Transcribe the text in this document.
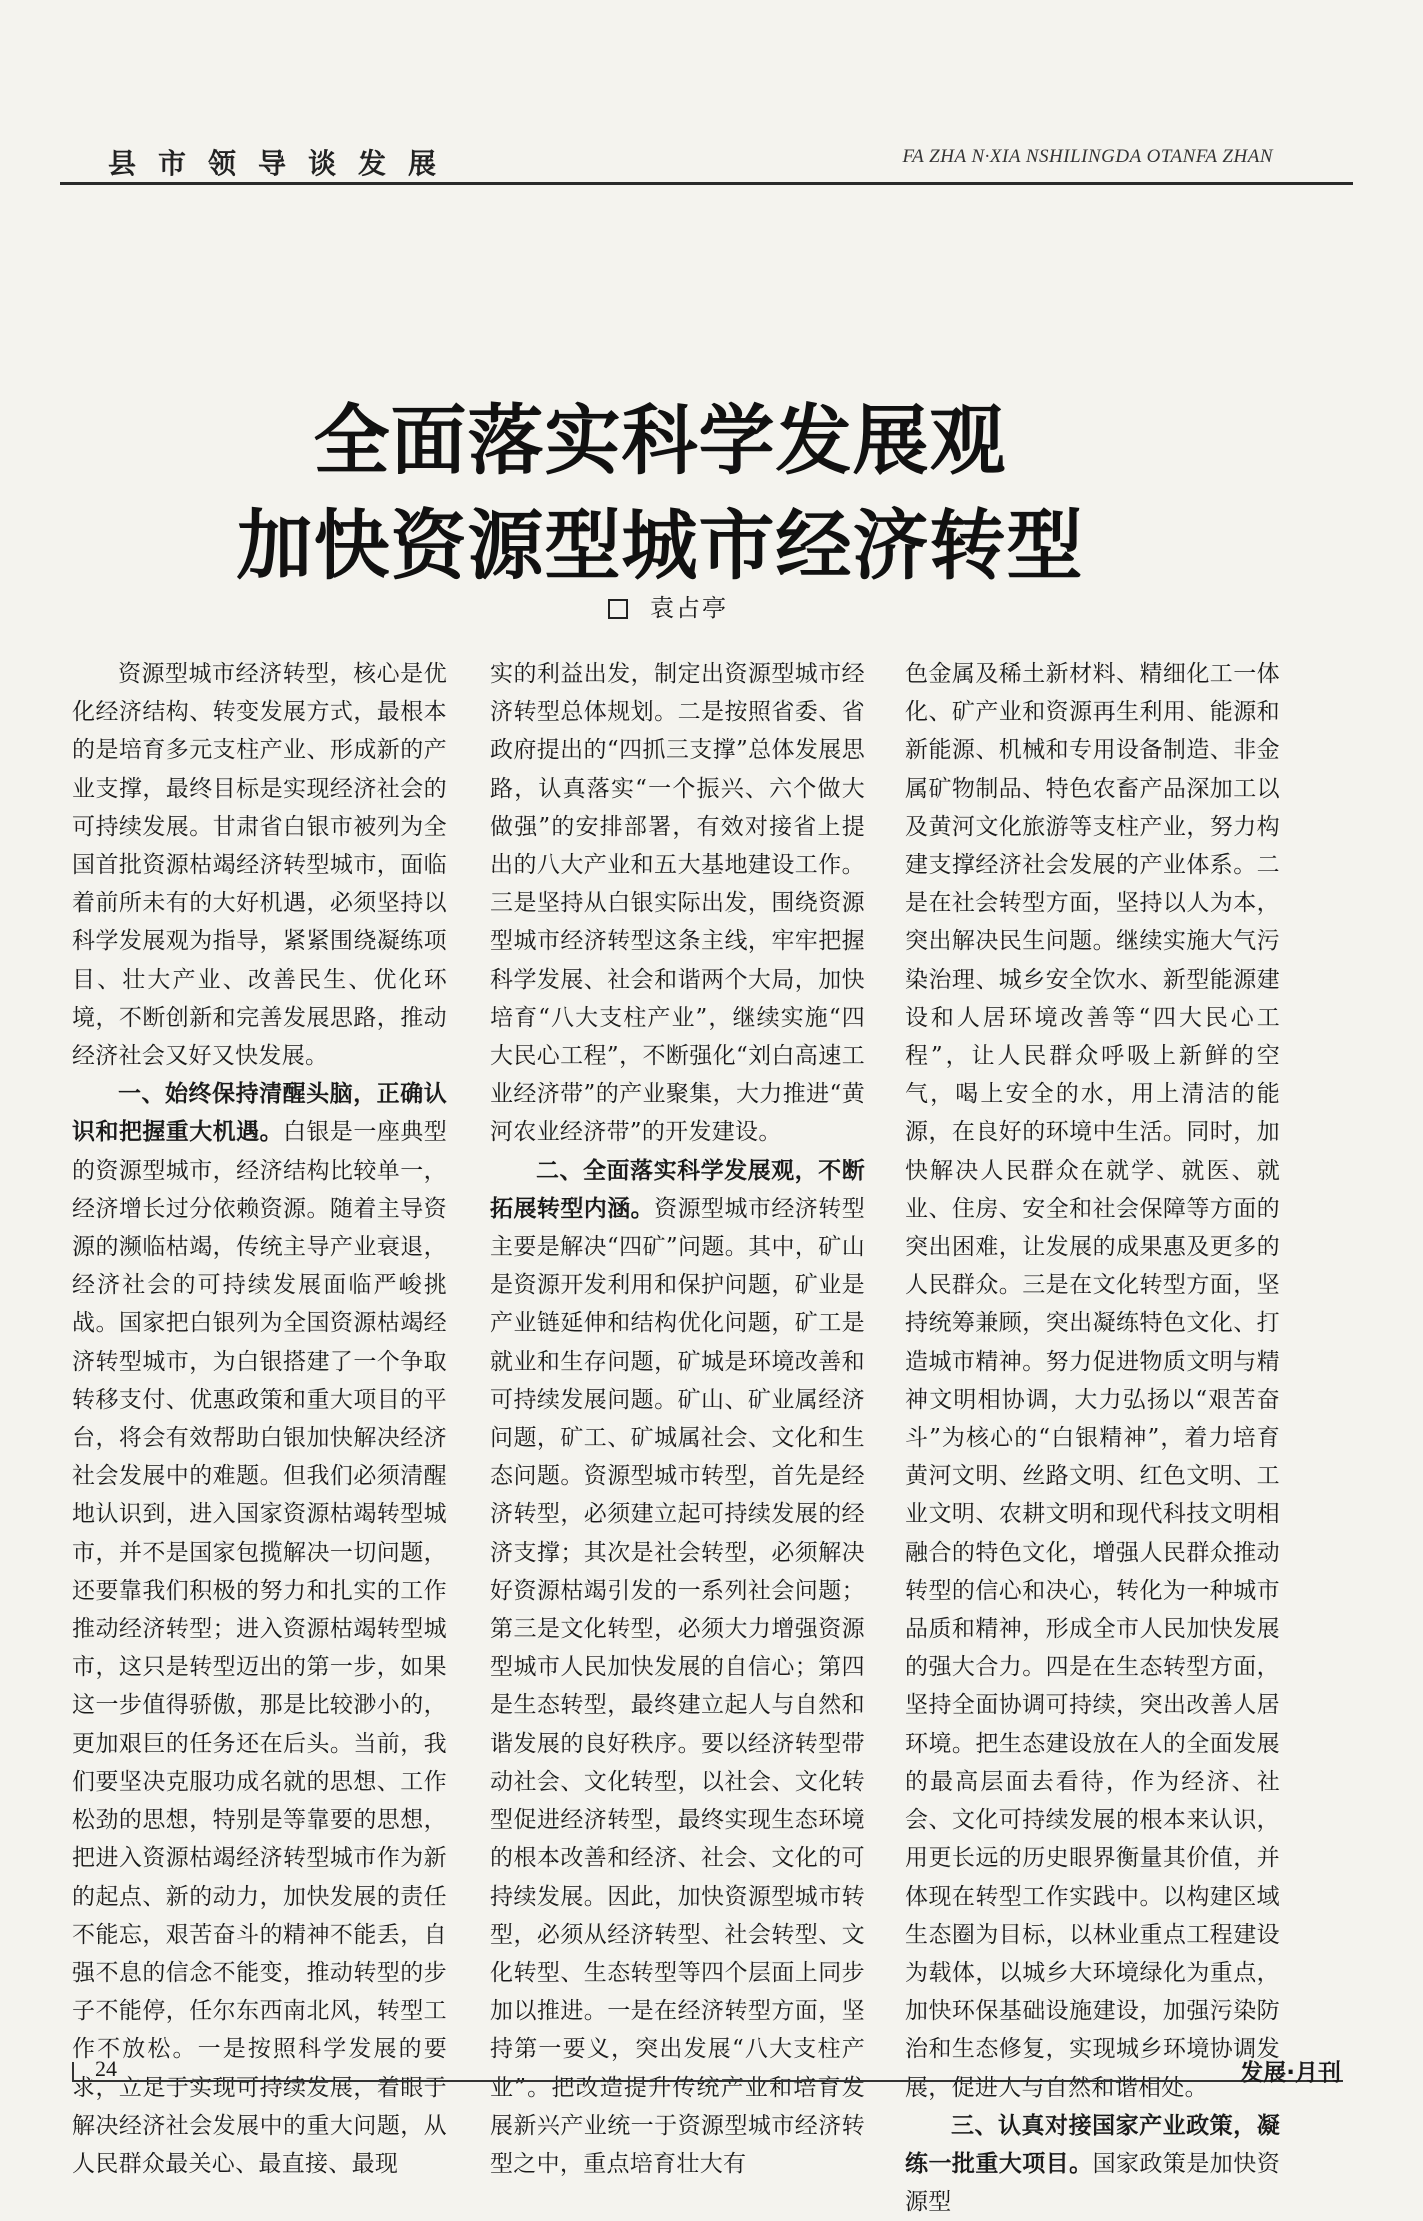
县市领导谈发展	FA ZHA N·XIA NSHILINGDA OTANFA ZHAN
全面落实科学发展观
加快资源型城市经济转型
袁占亭

资源型城市经济转型，核心是优化经济结构、转变发展方式，最根本的是培育多元支柱产业、形成新的产业支撑，最终目标是实现经济社会的可持续发展。甘肃省白银市被列为全国首批资源枯竭经济转型城市，面临着前所未有的大好机遇，必须坚持以科学发展观为指导，紧紧围绕凝练项目、壮大产业、改善民生、优化环境，不断创新和完善发展思路，推动经济社会又好又快发展。

一、始终保持清醒头脑，正确认识和把握重大机遇。白银是一座典型的资源型城市，经济结构比较单一，经济增长过分依赖资源。随着主导资源的濒临枯竭，传统主导产业衰退，经济社会的可持续发展面临严峻挑战。国家把白银列为全国资源枯竭经济转型城市，为白银搭建了一个争取转移支付、优惠政策和重大项目的平台，将会有效帮助白银加快解决经济社会发展中的难题。但我们必须清醒地认识到，进入国家资源枯竭转型城市，并不是国家包揽解决一切问题，还要靠我们积极的努力和扎实的工作推动经济转型；进入资源枯竭转型城市，这只是转型迈出的第一步，如果这一步值得骄傲，那是比较渺小的，更加艰巨的任务还在后头。当前，我们要坚决克服功成名就的思想、工作松劲的思想，特别是等靠要的思想，把进入资源枯竭经济转型城市作为新的起点、新的动力，加快发展的责任不能忘，艰苦奋斗的精神不能丢，自强不息的信念不能变，推动转型的步子不能停，任尔东西南北风，转型工作不放松。一是按照科学发展的要求，立足于实现可持续发展，着眼于解决经济社会发展中的重大问题，从人民群众最关心、最直接、最现

实的利益出发，制定出资源型城市经济转型总体规划。二是按照省委、省政府提出的“四抓三支撑”总体发展思路，认真落实“一个振兴、六个做大做强”的安排部署，有效对接省上提出的八大产业和五大基地建设工作。三是坚持从白银实际出发，围绕资源型城市经济转型这条主线，牢牢把握科学发展、社会和谐两个大局，加快培育“八大支柱产业”，继续实施“四大民心工程”，不断强化“刘白高速工业经济带”的产业聚集，大力推进“黄河农业经济带”的开发建设。

二、全面落实科学发展观，不断拓展转型内涵。资源型城市经济转型主要是解决“四矿”问题。其中，矿山是资源开发利用和保护问题，矿业是产业链延伸和结构优化问题，矿工是就业和生存问题，矿城是环境改善和可持续发展问题。矿山、矿业属经济问题，矿工、矿城属社会、文化和生态问题。资源型城市转型，首先是经济转型，必须建立起可持续发展的经济支撑；其次是社会转型，必须解决好资源枯竭引发的一系列社会问题；第三是文化转型，必须大力增强资源型城市人民加快发展的自信心；第四是生态转型，最终建立起人与自然和谐发展的良好秩序。要以经济转型带动社会、文化转型，以社会、文化转型促进经济转型，最终实现生态环境的根本改善和经济、社会、文化的可持续发展。因此，加快资源型城市转型，必须从经济转型、社会转型、文化转型、生态转型等四个层面上同步加以推进。一是在经济转型方面，坚持第一要义，突出发展“八大支柱产业”。把改造提升传统产业和培育发展新兴产业统一于资源型城市经济转型之中，重点培育壮大有

色金属及稀土新材料、精细化工一体化、矿产业和资源再生利用、能源和新能源、机械和专用设备制造、非金属矿物制品、特色农畜产品深加工以及黄河文化旅游等支柱产业，努力构建支撑经济社会发展的产业体系。二是在社会转型方面，坚持以人为本，突出解决民生问题。继续实施大气污染治理、城乡安全饮水、新型能源建设和人居环境改善等“四大民心工程”，让人民群众呼吸上新鲜的空气，喝上安全的水，用上清洁的能源，在良好的环境中生活。同时，加快解决人民群众在就学、就医、就业、住房、安全和社会保障等方面的突出困难，让发展的成果惠及更多的人民群众。三是在文化转型方面，坚持统筹兼顾，突出凝练特色文化、打造城市精神。努力促进物质文明与精神文明相协调，大力弘扬以“艰苦奋斗”为核心的“白银精神”，着力培育黄河文明、丝路文明、红色文明、工业文明、农耕文明和现代科技文明相融合的特色文化，增强人民群众推动转型的信心和决心，转化为一种城市品质和精神，形成全市人民加快发展的强大合力。四是在生态转型方面，坚持全面协调可持续，突出改善人居环境。把生态建设放在人的全面发展的最高层面去看待，作为经济、社会、文化可持续发展的根本来认识，用更长远的历史眼界衡量其价值，并体现在转型工作实践中。以构建区域生态圈为目标，以林业重点工程建设为载体，以城乡大环境绿化为重点，加快环保基础设施建设，加强污染防治和生态修复，实现城乡环境协调发展，促进人与自然和谐相处。

三、认真对接国家产业政策，凝练一批重大项目。国家政策是加快资源型

24	发展·月刊
